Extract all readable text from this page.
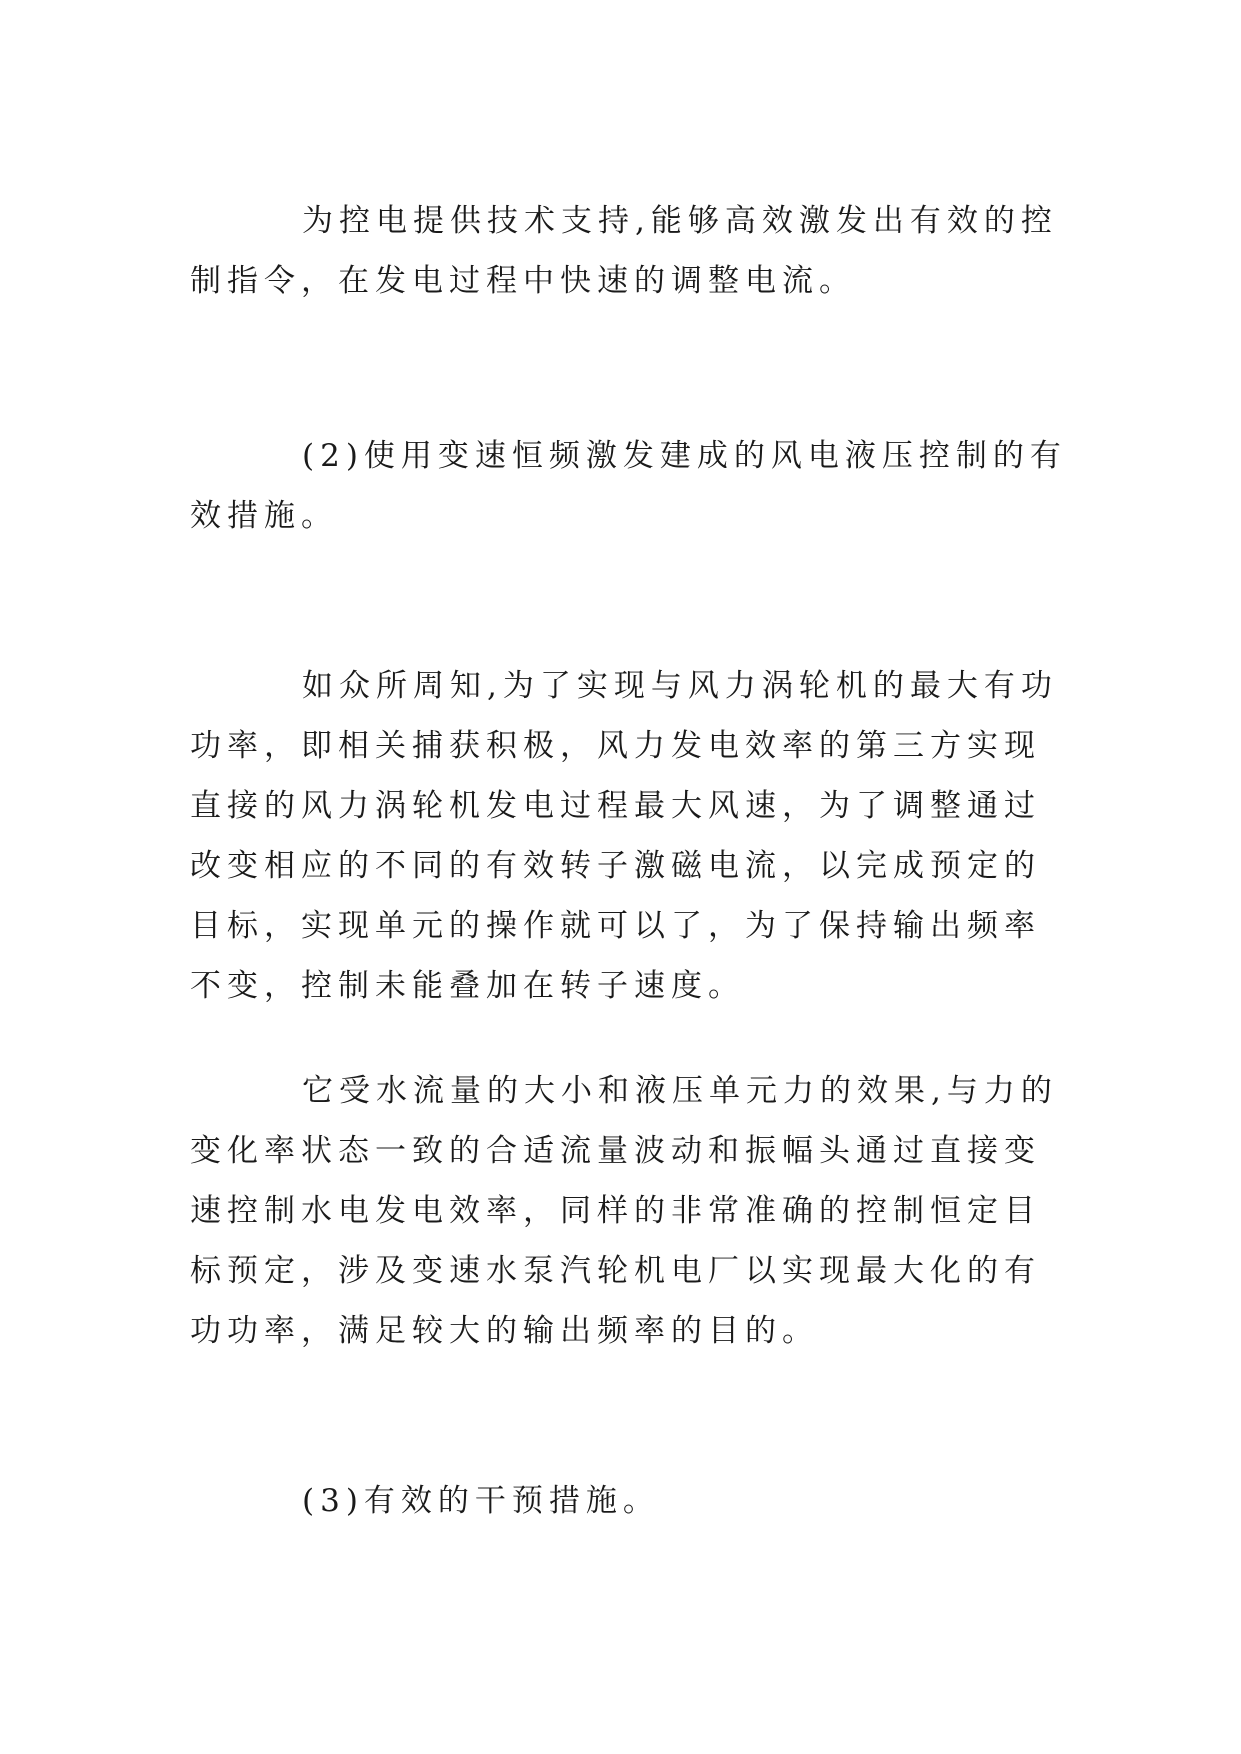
为控电提供技术支持,能够高效激发出有效的控制指令，在发电过程中快速的调整电流。

(2)使用变速恒频激发建成的风电液压控制的有效措施。

如众所周知,为了实现与风力涡轮机的最大有功功率，即相关捕获积极，风力发电效率的第三方实现直接的风力涡轮机发电过程最大风速，为了调整通过改变相应的不同的有效转子激磁电流，以完成预定的目标，实现单元的操作就可以了，为了保持输出频率不变，控制未能叠加在转子速度。

它受水流量的大小和液压单元力的效果,与力的变化率状态一致的合适流量波动和振幅头通过直接变速控制水电发电效率，同样的非常准确的控制恒定目标预定，涉及变速水泵汽轮机电厂以实现最大化的有功功率，满足较大的输出频率的目的。

(3)有效的干预措施。
